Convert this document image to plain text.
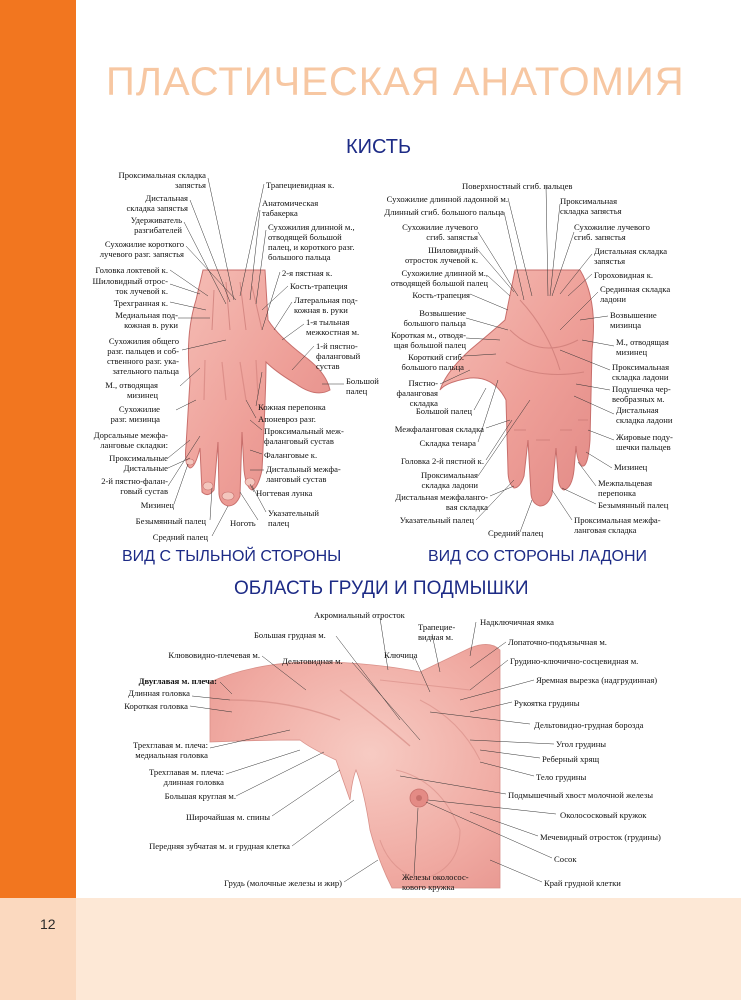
12
ПЛАСТИЧЕСКАЯ АНАТОМИЯ
КИСТЬ
ВИД С ТЫЛЬНОЙ СТОРОНЫ	ВИД СО СТОРОНЫ ЛАДОНИ
ОБЛАСТЬ ГРУДИ И ПОДМЫШКИ
Проксимальная складка
запястья
Дистальная
складка запястья
Удерживатель
разгибателей
Сухожилие короткого
лучевого разг. запястья
Головка локтевой к.
Шиловидный отрос-
ток лучевой к.
Трехгранная к.
Медиальная под-
кожная в. руки
Сухожилия общего
разг. пальцев и соб-
ственного разг. ука-
зательного пальца
М., отводящая
мизинец
Сухожилие
разг. мизинца
Дорсальные межфа-
ланговые складки:
Проксимальные
Дистальные
2-й пястно-фалан-
говый сустав
Мизинец
Безымянный палец
Средний палец
Трапециевидная к.
Анатомическая
табакерка
Сухожилия длинной м.,
отводящей большой
палец, и короткого разг.
большого пальца
2-я пястная к.
Кость-трапеция
Латеральная под-
кожная в. руки
1-я тыльная
межкостная м.
1-й пястно-
фаланговый
сустав
Большой
палец
Кожная перепонка
Апоневроз разг.
Проксимальный меж-
фаланговый сустав
Фаланговые к.
Дистальный межфа-
ланговый сустав
Ногтевая лунка
Указательный
палец
Ноготь
Сухожилие длинной ладонной м.
Длинный сгиб. большого пальца
Сухожилие лучевого
сгиб. запястья
Шиловидный
отросток лучевой к.
Сухожилие длинной м.,
отводящей большой палец
Кость-трапеция
Возвышение
большого пальца
Короткая м., отводя-
щая большой палец
Короткий сгиб.
большого пальца
Пястно-
фаланговая
складка
Большой палец
Межфаланговая складка
Складка тенара
Головка 2-й пястной к.
Проксимальная
складка ладони
Дистальная межфаланго-
вая складка
Указательный палец
Средний палец
Поверхностный сгиб. пальцев
Проксимальная
складка запястья
Сухожилие лучевого
сгиб. запястья
Дистальная складка
запястья
Гороховидная к.
Срединная складка
ладони
Возвышение
мизинца
М., отводящая
мизинец
Проксимальная
складка ладони
Подушечка чер-
веобразных м.
Дистальная
складка ладони
Жировые поду-
шечки пальцев
Мизинец
Межпальцевая
перепонка
Безымянный палец
Проксимальная межфа-
ланговая складка
Клювовидно-плечевая м.
Двуглавая м. плеча:
Длинная головка
Короткая головка
Трехглавая м. плеча:
медиальная головка
Трехглавая м. плеча:
длинная головка
Большая круглая м.
Широчайшая м. спины
Передняя зубчатая м. и грудная клетка
Грудь (молочные железы и жир)
Акромиальный отросток
Большая грудная м.
Дельтовидная м.
Трапецие-
видная м.
Ключица
Надключичная ямка
Лопаточно-подъязычная м.
Грудино-ключично-сосцевидная м.
Яремная вырезка (надгрудинная)
Рукоятка грудины
Дельтовидно-грудная борозда
Угол грудины
Реберный хрящ
Тело грудины
Подмышечный хвост молочной железы
Околососковый кружок
Мечевидный отросток (грудины)
Сосок
Край грудной клетки
Железы околосос-
кового кружка
